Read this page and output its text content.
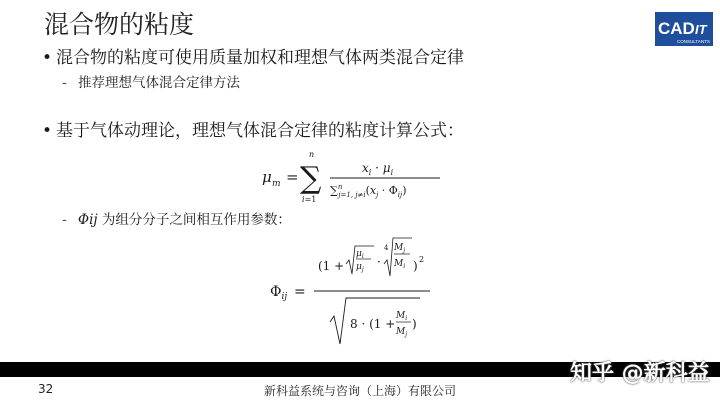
混合物的粘度	CAD IT
CONSULTANTS
• 混合物的粘度可使用质量加权和理想气体两类混合定律
- 推荐理想气体混合定律方法
• 基于气体动理论，理想气体混合定律的粘度计算公式：
μ m = ∑
n
i=1
$x_i \cdot \mu_i$
∑$^n$ j=1, $j\ne i(x_j \cdot \Phi_{ij})$
- Φij 为组分分子之间相互作用参数：
$\Phi_{ij}$ =
(1 +
$\mu_i$
$\mu_j$
·
4 $M_j$
$M_i$ ) 2
8 · (1 +
$M_i$
$M_j$
)
知乎 @新科益
32	新科益系统与咨询（上海）有限公司
